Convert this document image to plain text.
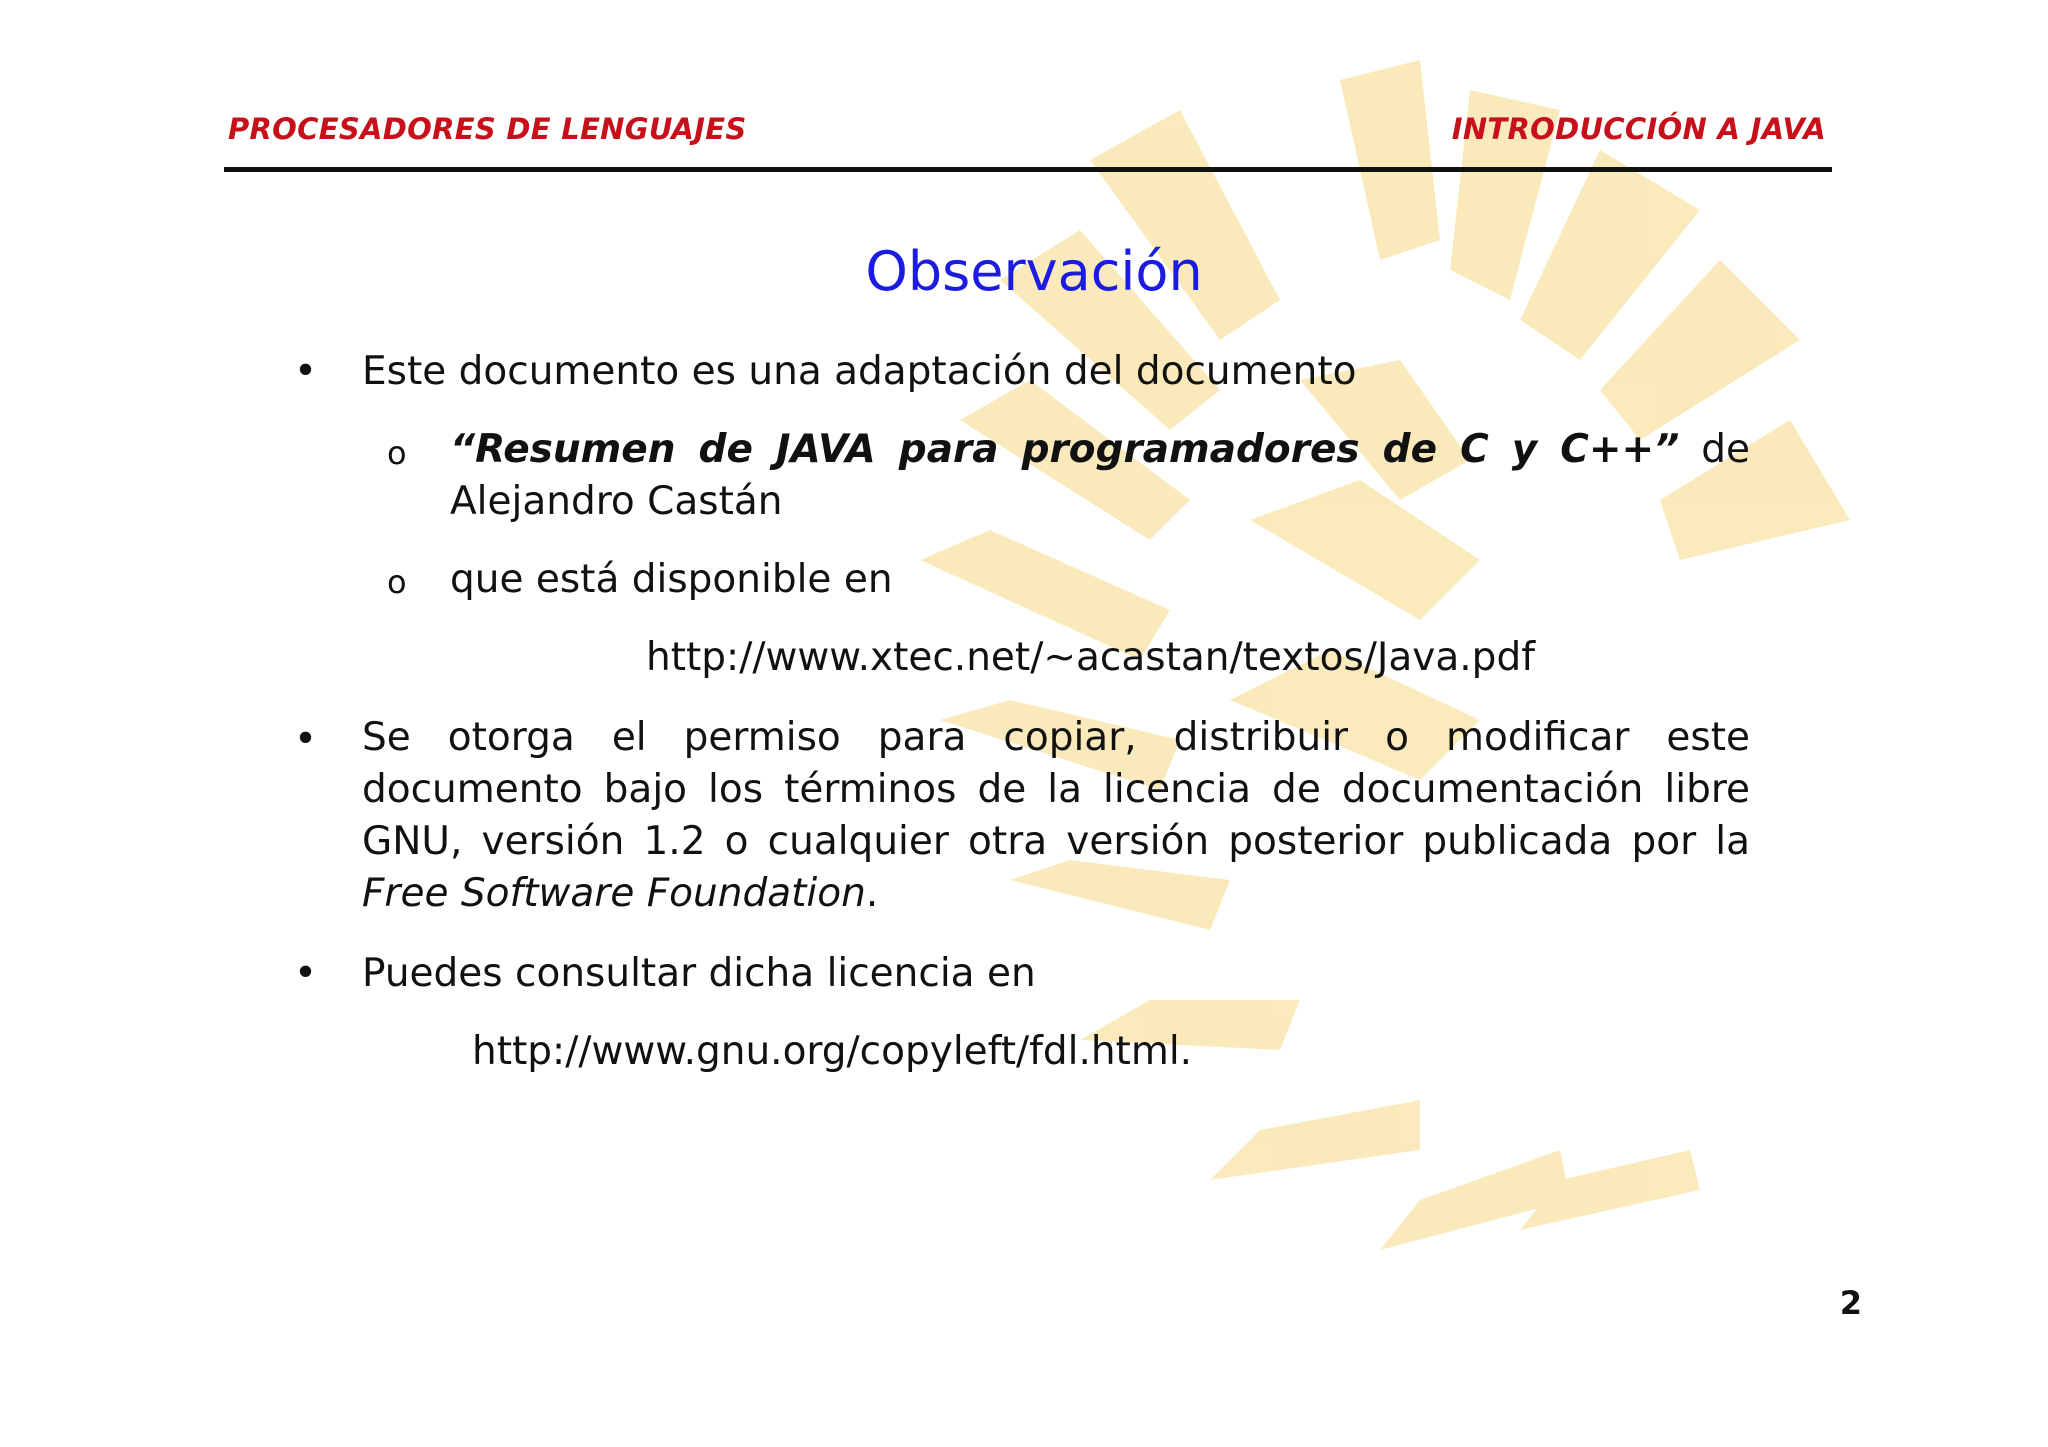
PROCESADORES DE LENGUAJES	INTRODUCCIÓN A JAVA
Observación
• Este documento es una adaptación del documento
o “Resumen de JAVA para programadores de C y C++” de Alejandro Castán
o que está disponible en
http://www.xtec.net/~acastan/textos/Java.pdf
• Se otorga el permiso para copiar, distribuir o modificar este documento bajo los términos de la licencia de documentación libre GNU, versión 1.2 o cualquier otra versión posterior publicada por la Free Software Foundation.
• Puedes consultar dicha licencia en
http://www.gnu.org/copyleft/fdl.html.
2
